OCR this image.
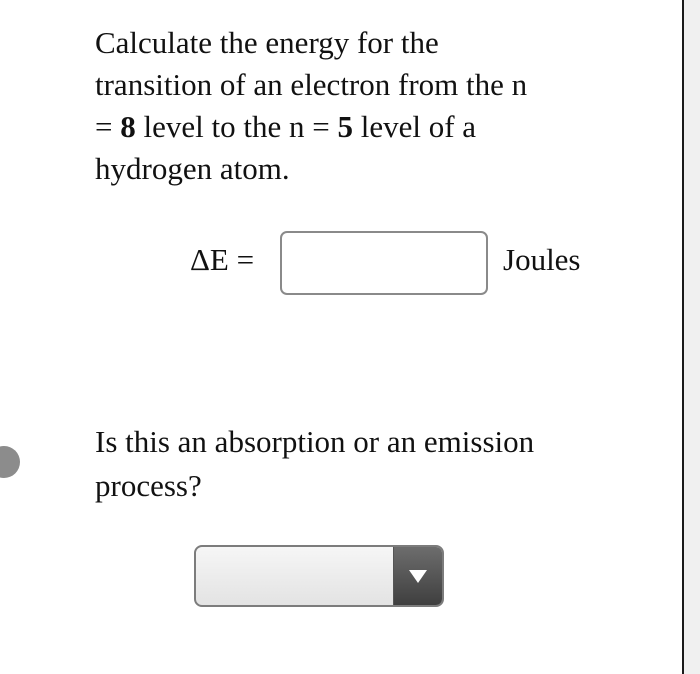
Calculate the energy for the
transition of an electron from the n
= 8 level to the n = 5 level of a
hydrogen atom.

ΔE =	Joules

Is this an absorption or an emission
process?
